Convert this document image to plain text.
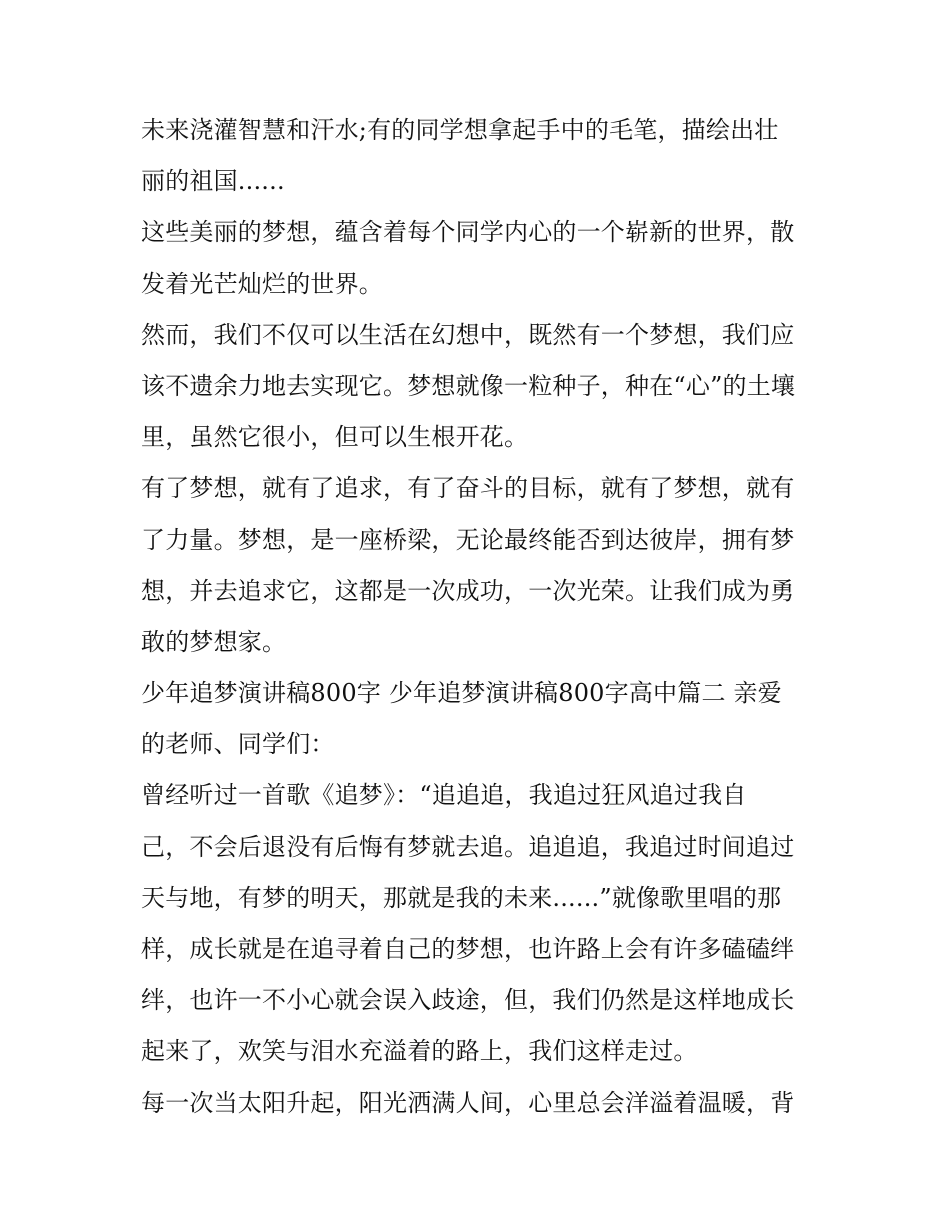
未来浇灌智慧和汗水;有的同学想拿起手中的毛笔，描绘出壮
丽的祖国......
这些美丽的梦想，蕴含着每个同学内心的一个崭新的世界，散
发着光芒灿烂的世界。
然而，我们不仅可以生活在幻想中，既然有一个梦想，我们应
该不遗余力地去实现它。梦想就像一粒种子，种在“心”的土壤
里，虽然它很小，但可以生根开花。
有了梦想，就有了追求，有了奋斗的目标，就有了梦想，就有
了力量。梦想，是一座桥梁，无论最终能否到达彼岸，拥有梦
想，并去追求它，这都是一次成功，一次光荣。让我们成为勇
敢的梦想家。
少年追梦演讲稿800字 少年追梦演讲稿800字高中篇二 亲爱
的老师、同学们：
曾经听过一首歌《追梦》：“追追追，我追过狂风追过我自
己，不会后退没有后悔有梦就去追。追追追，我追过时间追过
天与地，有梦的明天，那就是我的未来......”就像歌里唱的那
样，成长就是在追寻着自己的梦想，也许路上会有许多磕磕绊
绊，也许一不小心就会误入歧途，但，我们仍然是这样地成长
起来了，欢笑与泪水充溢着的路上，我们这样走过。
每一次当太阳升起，阳光洒满人间，心里总会洋溢着温暖，背
